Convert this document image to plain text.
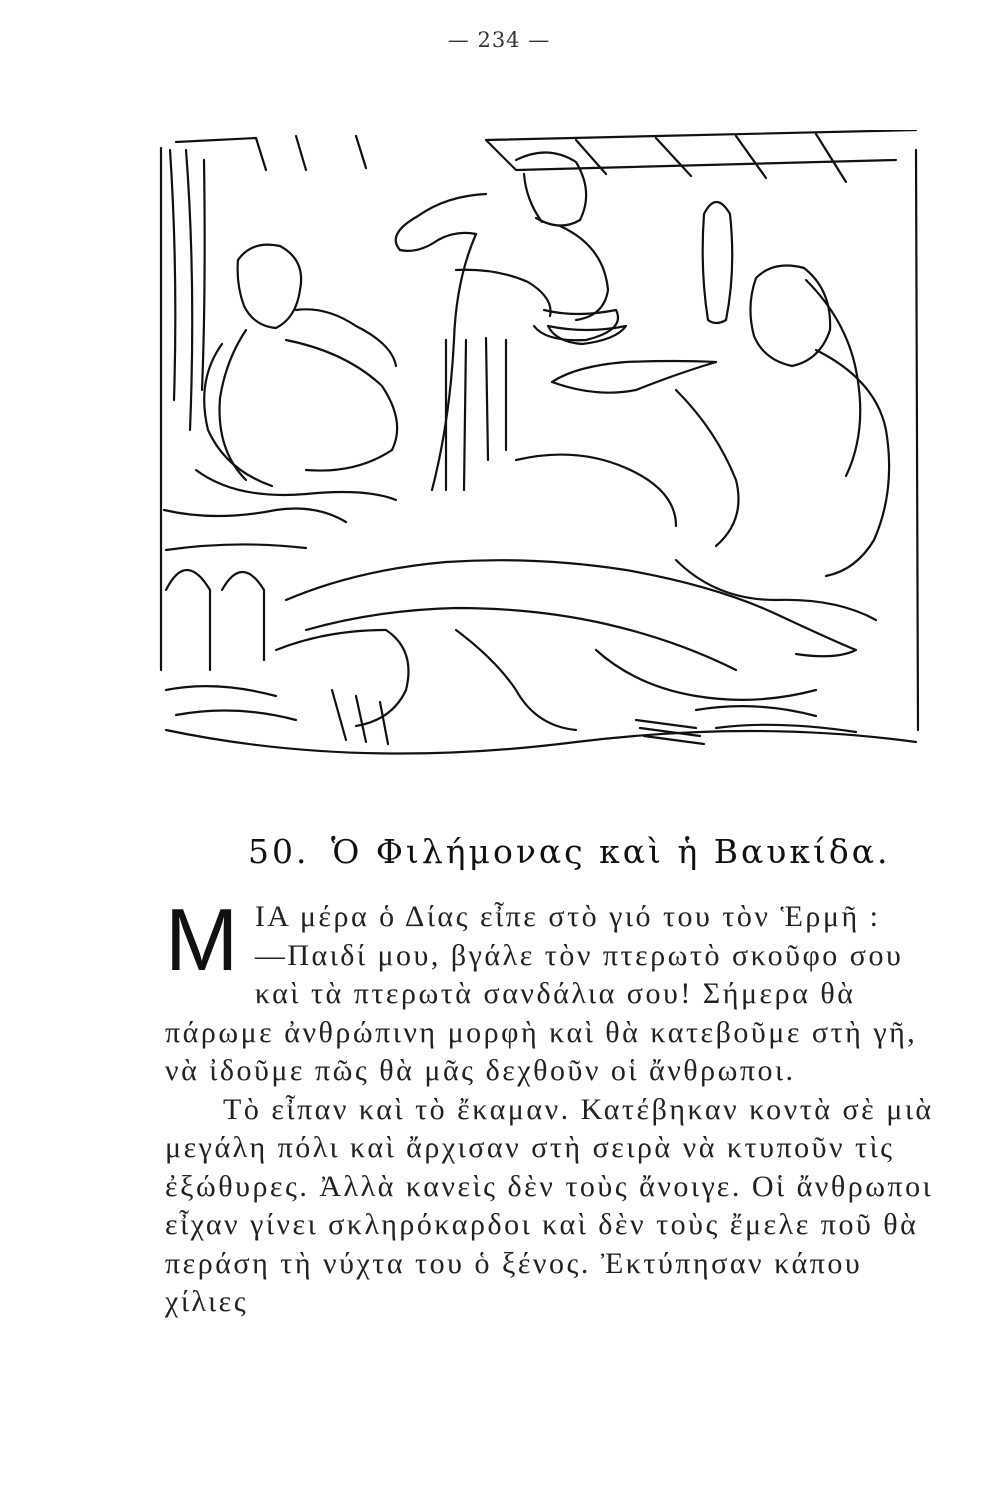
— 234 —
50. Ὁ Φιλήμονας καὶ ἡ Βαυκίδα.

Μ ΙΑ μέρα ὁ Δίας εἶπε στὸ γιό του τὸν Ἑρμῆ :
—Παιδί μου, βγάλε τὸν πτερωτὸ σκοῦφο σου καὶ τὰ πτερωτὰ σανδάλια σου! Σήμερα θὰ πάρωμε ἀνθρώπινη μορφὴ καὶ θὰ κατεβοῦμε στὴ γῆ, νὰ ἰδοῦμε πῶς θὰ μᾶς δεχθοῦν οἱ ἄνθρωποι.

Τὸ εἶπαν καὶ τὸ ἔκαμαν. Κατέβηκαν κοντὰ σὲ μιὰ μεγάλη πόλι καὶ ἄρχισαν στὴ σειρὰ νὰ κτυποῦν τὶς ἐξώθυρες. Ἀλλὰ κανεὶς δὲν τοὺς ἄνοιγε. Οἱ ἄνθρωποι εἶχαν γίνει σκληρόκαρδοι καὶ δὲν τοὺς ἔμελε ποῦ θὰ περάση τὴ νύχτα του ὁ ξένος. Ἐκτύπησαν κάπου χίλιες
